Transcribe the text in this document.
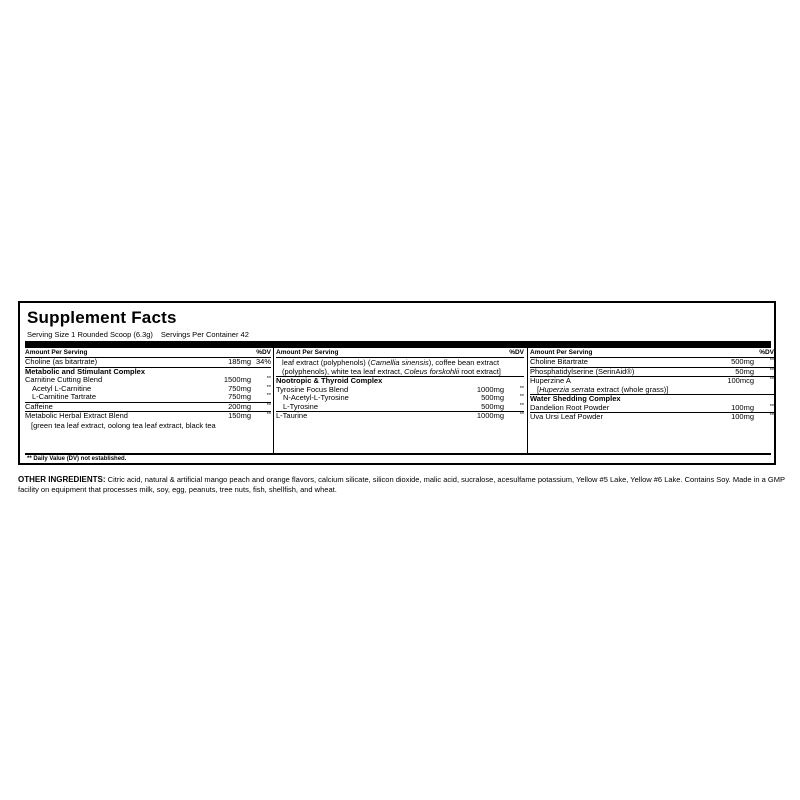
Supplement Facts
Serving Size 1 Rounded Scoop (6.3g) Servings Per Container 42
Amount Per Serving	%DV
Choline (as bitartrate)	185mg 34%
Metabolic and Stimulant Complex
Carnitine Cutting Blend	1500mg	**
Acetyl L-Carnitine	750mg	**
L-Carnitine Tartrate	750mg	**
Caffeine	200mg	**
Metabolic Herbal Extract Blend	150mg	**
[green tea leaf extract, oolong tea leaf extract, black tea
Amount Per Serving	%DV
leaf extract (polyphenols) (Camellia sinensis), coffee bean extract (polyphenols), white tea leaf extract, Coleus forskohlii root extract]
Nootropic & Thyroid Complex
Tyrosine Focus Blend	1000mg	**
N-Acetyl-L-Tyrosine	500mg	**
L-Tyrosine	500mg	**
L-Taurine	1000mg	**
Amount Per Serving	%DV
Choline Bitartrate	500mg	**
Phosphatidylserine (SerinAid®)	50mg	**
Huperzine A	100mcg	**
[Huperzia serrata extract (whole grass)]
Water Shedding Complex
Dandelion Root Powder	100mg	**
Uva Ursi Leaf Powder	100mg	**
** Daily Value (DV) not established.
OTHER INGREDIENTS: Citric acid, natural & artificial mango peach and orange flavors, calcium silicate, silicon dioxide, malic acid, sucralose, acesulfame potassium, Yellow #5 Lake, Yellow #6 Lake. Contains Soy. Made in a GMP facility on equipment that processes milk, soy, egg, peanuts, tree nuts, fish, shellfish, and wheat.
